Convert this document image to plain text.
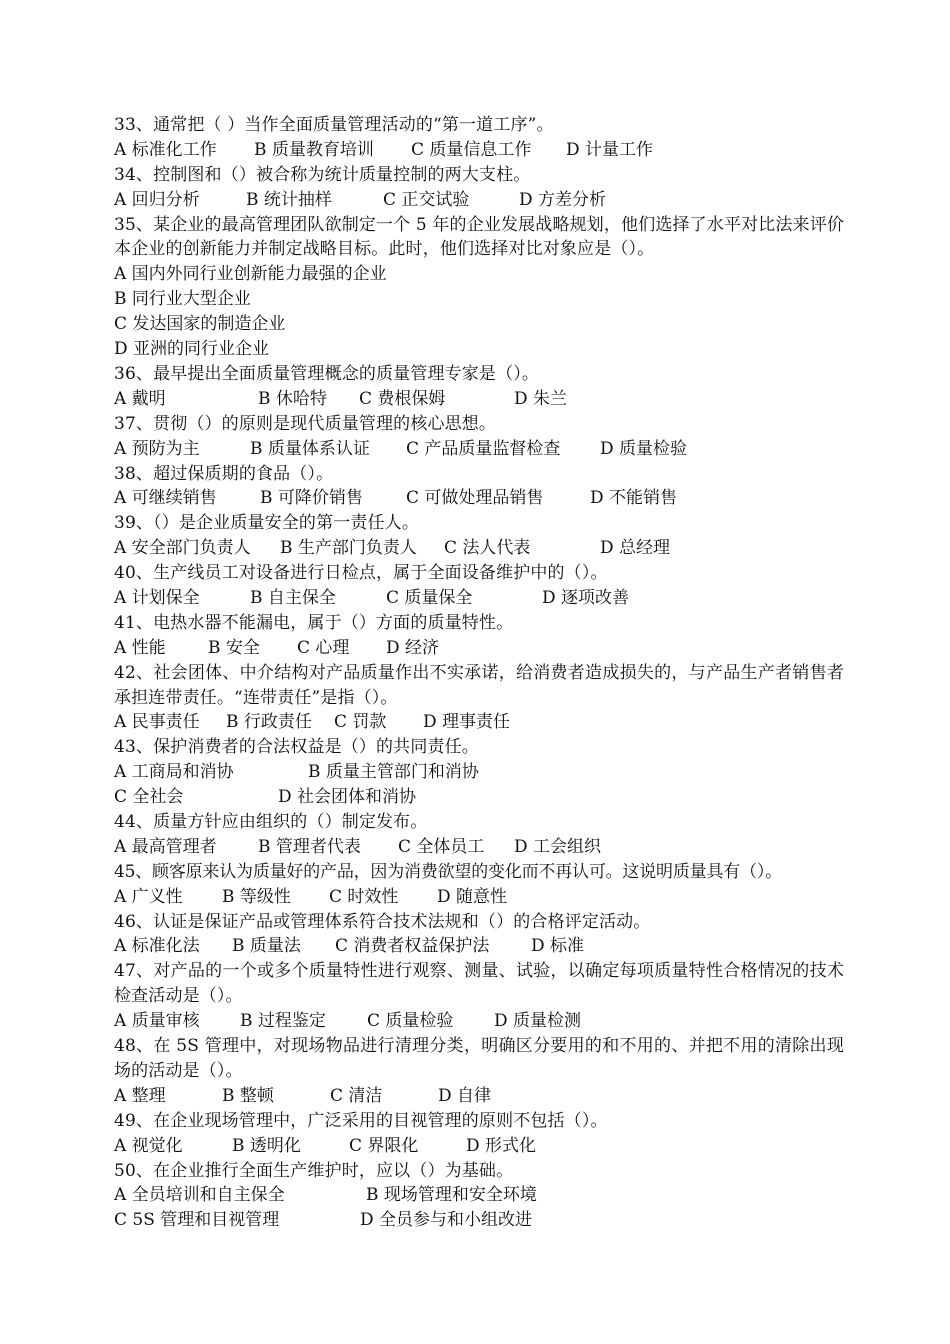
33、通常把（ ）当作全面质量管理活动的“第一道工序”。
A 标准化工作 B 质量教育培训 C 质量信息工作 D 计量工作
34、控制图和（）被合称为统计质量控制的两大支柱。
A 回归分析	B 统计抽样	C 正交试验	D 方差分析
35、某企业的最高管理团队欲制定一个 5 年的企业发展战略规划，他们选择了水平对比法来评价本企业的创新能力并制定战略目标。此时，他们选择对比对象应是（）。
A 国内外同行业创新能力最强的企业
B 同行业大型企业
C 发达国家的制造企业
D 亚洲的同行业企业
36、最早提出全面质量管理概念的质量管理专家是（）。
A 戴明	B 休哈特 C 费根保姆	D 朱兰
37、贯彻（）的原则是现代质量管理的核心思想。
A 预防为主	B 质量体系认证 C 产品质量监督检查 D 质量检验
38、超过保质期的食品（）。
A 可继续销售	B 可降价销售	C 可做处理品销售	D 不能销售
39、（）是企业质量安全的第一责任人。
A 安全部门负责人 B 生产部门负责人 C 法人代表	D 总经理
40、生产线员工对设备进行日检点，属于全面设备维护中的（）。
A 计划保全	B 自主保全	C 质量保全	D 逐项改善
41、电热水器不能漏电，属于（）方面的质量特性。
A 性能 B 安全 C 心理 D 经济
42、社会团体、中介结构对产品质量作出不实承诺，给消费者造成损失的，与产品生产者销售者承担连带责任。“连带责任”是指（）。
A 民事责任 B 行政责任 C 罚款 D 理事责任
43、保护消费者的合法权益是（）的共同责任。
A 工商局和消协	B 质量主管部门和消协
C 全社会	D 社会团体和消协
44、质量方针应由组织的（）制定发布。
A 最高管理者 B 管理者代表 C 全体员工 D 工会组织
45、顾客原来认为质量好的产品，因为消费欲望的变化而不再认可。这说明质量具有（）。
A 广义性 B 等级性 C 时效性 D 随意性
46、认证是保证产品或管理体系符合技术法规和（）的合格评定活动。
A 标准化法 B 质量法 C 消费者权益保护法 D 标准
47、对产品的一个或多个质量特性进行观察、测量、试验，以确定每项质量特性合格情况的技术检查活动是（）。
A 质量审核 B 过程鉴定 C 质量检验 D 质量检测
48、在 5S 管理中，对现场物品进行清理分类，明确区分要用的和不用的、并把不用的清除出现场的活动是（）。
A 整理	B 整顿	C 清洁	D 自律
49、在企业现场管理中，广泛采用的目视管理的原则不包括（）。
A 视觉化	B 透明化	C 界限化	D 形式化
50、在企业推行全面生产维护时，应以（）为基础。
A 全员培训和自主保全	B 现场管理和安全环境
C 5S 管理和目视管理	D 全员参与和小组改进
